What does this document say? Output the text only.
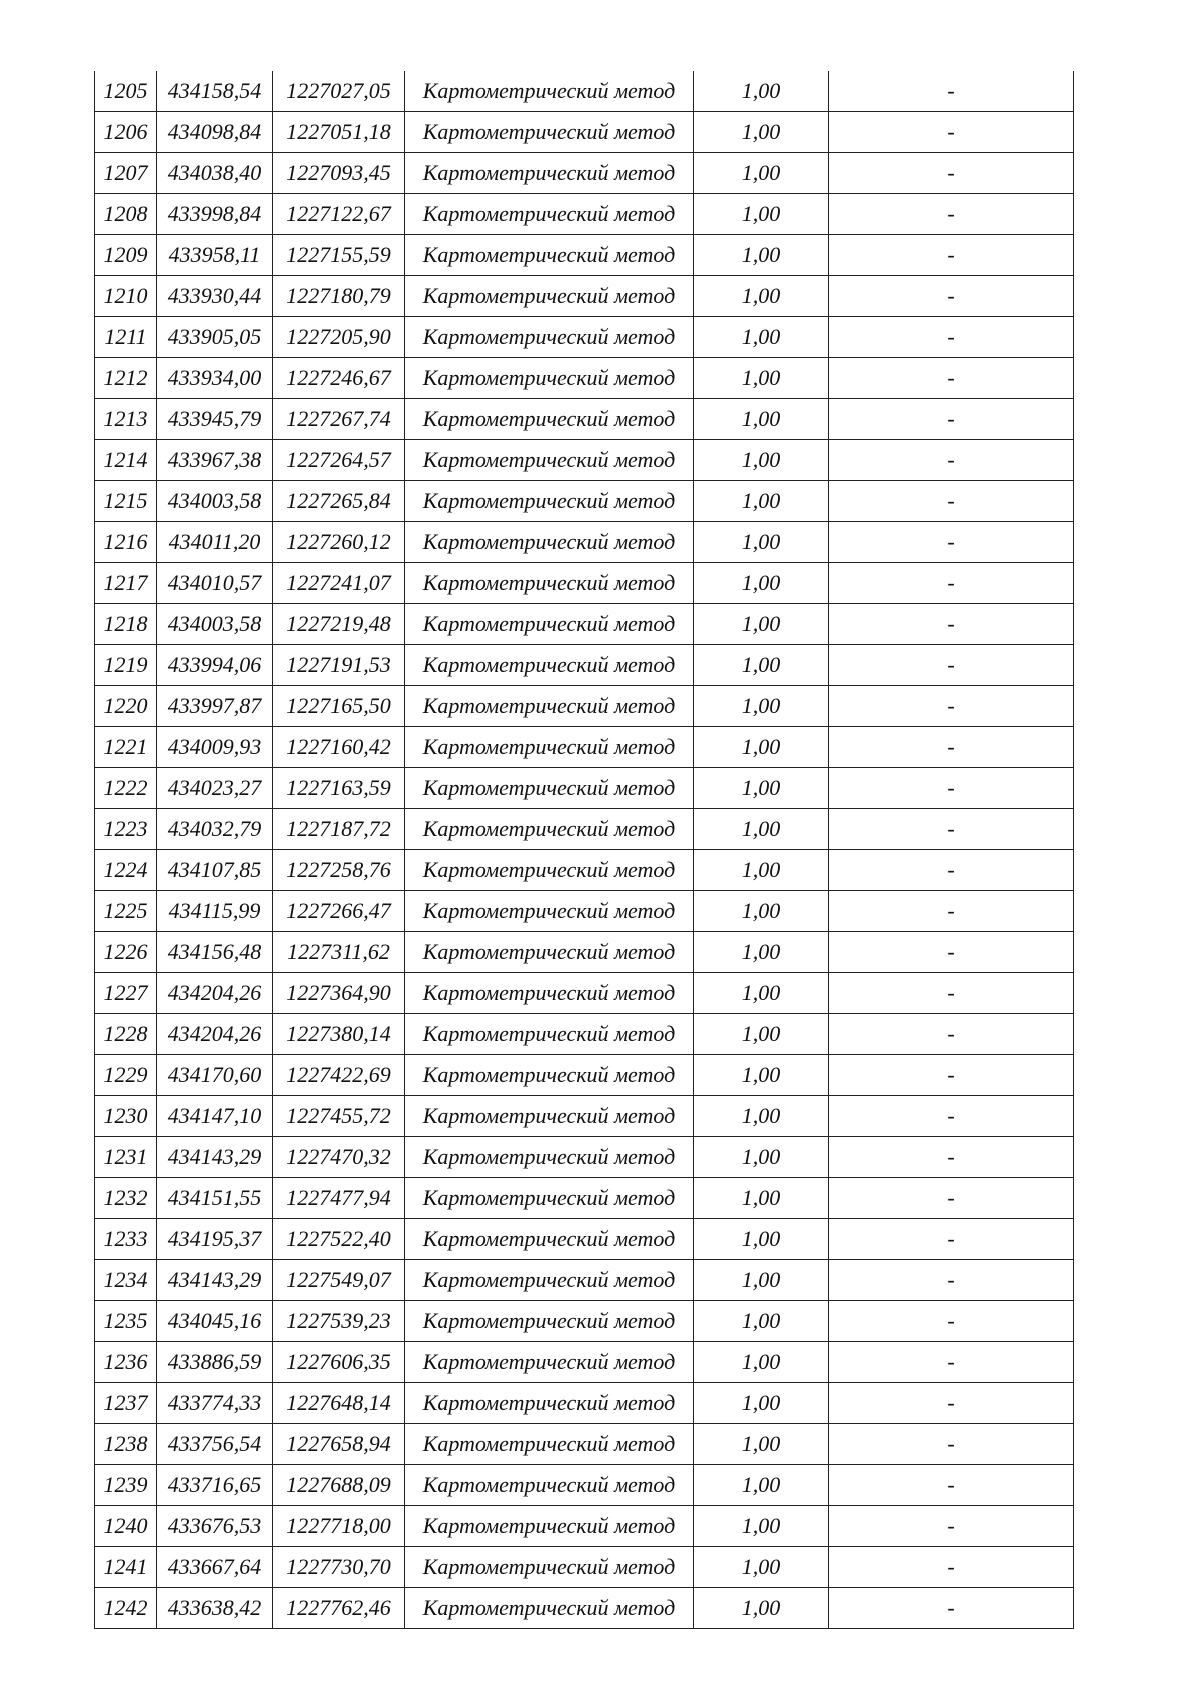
1205	434158,54	1227027,05	Картометрический метод	1,00	-
1206	434098,84	1227051,18	Картометрический метод	1,00	-
1207	434038,40	1227093,45	Картометрический метод	1,00	-
1208	433998,84	1227122,67	Картометрический метод	1,00	-
1209	433958,11	1227155,59	Картометрический метод	1,00	-
1210	433930,44	1227180,79	Картометрический метод	1,00	-
1211	433905,05	1227205,90	Картометрический метод	1,00	-
1212	433934,00	1227246,67	Картометрический метод	1,00	-
1213	433945,79	1227267,74	Картометрический метод	1,00	-
1214	433967,38	1227264,57	Картометрический метод	1,00	-
1215	434003,58	1227265,84	Картометрический метод	1,00	-
1216	434011,20	1227260,12	Картометрический метод	1,00	-
1217	434010,57	1227241,07	Картометрический метод	1,00	-
1218	434003,58	1227219,48	Картометрический метод	1,00	-
1219	433994,06	1227191,53	Картометрический метод	1,00	-
1220	433997,87	1227165,50	Картометрический метод	1,00	-
1221	434009,93	1227160,42	Картометрический метод	1,00	-
1222	434023,27	1227163,59	Картометрический метод	1,00	-
1223	434032,79	1227187,72	Картометрический метод	1,00	-
1224	434107,85	1227258,76	Картометрический метод	1,00	-
1225	434115,99	1227266,47	Картометрический метод	1,00	-
1226	434156,48	1227311,62	Картометрический метод	1,00	-
1227	434204,26	1227364,90	Картометрический метод	1,00	-
1228	434204,26	1227380,14	Картометрический метод	1,00	-
1229	434170,60	1227422,69	Картометрический метод	1,00	-
1230	434147,10	1227455,72	Картометрический метод	1,00	-
1231	434143,29	1227470,32	Картометрический метод	1,00	-
1232	434151,55	1227477,94	Картометрический метод	1,00	-
1233	434195,37	1227522,40	Картометрический метод	1,00	-
1234	434143,29	1227549,07	Картометрический метод	1,00	-
1235	434045,16	1227539,23	Картометрический метод	1,00	-
1236	433886,59	1227606,35	Картометрический метод	1,00	-
1237	433774,33	1227648,14	Картометрический метод	1,00	-
1238	433756,54	1227658,94	Картометрический метод	1,00	-
1239	433716,65	1227688,09	Картометрический метод	1,00	-
1240	433676,53	1227718,00	Картометрический метод	1,00	-
1241	433667,64	1227730,70	Картометрический метод	1,00	-
1242	433638,42	1227762,46	Картометрический метод	1,00	-
